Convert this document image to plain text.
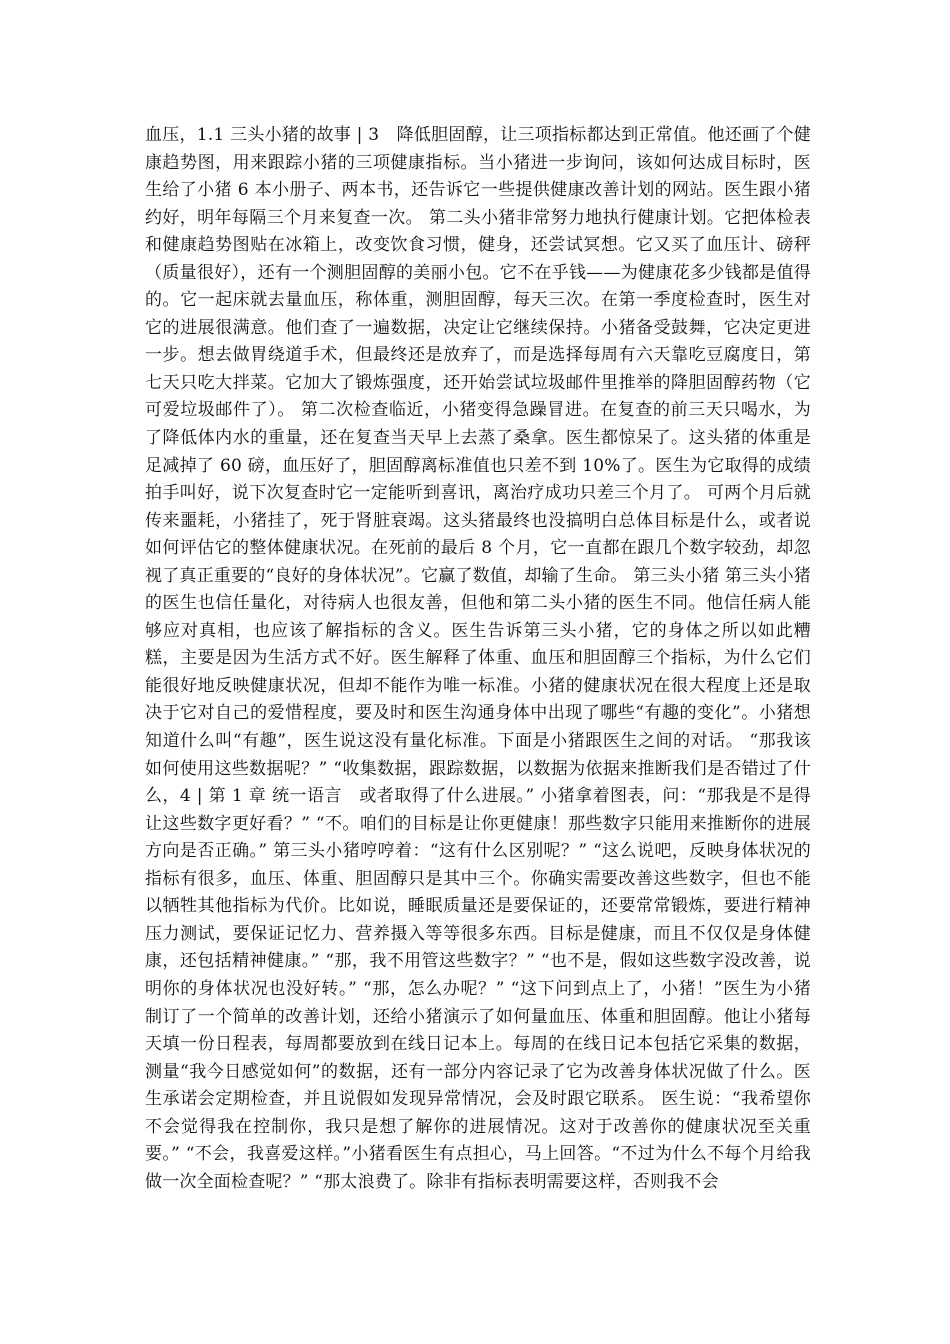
血压，1.1 三头小猪的故事 | 3　降低胆固醇，让三项指标都达到正常值。他还画了个健康趋势图，用来跟踪小猪的三项健康指标。当小猪进一步询问，该如何达成目标时，医生给了小猪 6 本小册子、两本书，还告诉它一些提供健康改善计划的网站。医生跟小猪约好，明年每隔三个月来复查一次。 第二头小猪非常努力地执行健康计划。它把体检表和健康趋势图贴在冰箱上，改变饮食习惯，健身，还尝试冥想。它又买了血压计、磅秤（质量很好），还有一个测胆固醇的美丽小包。它不在乎钱——为健康花多少钱都是值得的。它一起床就去量血压，称体重，测胆固醇，每天三次。在第一季度检查时，医生对它的进展很满意。他们查了一遍数据，决定让它继续保持。小猪备受鼓舞，它决定更进一步。想去做胃绕道手术，但最终还是放弃了，而是选择每周有六天靠吃豆腐度日，第七天只吃大拌菜。它加大了锻炼强度，还开始尝试垃圾邮件里推举的降胆固醇药物（它可爱垃圾邮件了）。 第二次检查临近，小猪变得急躁冒进。在复查的前三天只喝水，为了降低体内水的重量，还在复查当天早上去蒸了桑拿。医生都惊呆了。这头猪的体重是足减掉了 60 磅，血压好了，胆固醇离标准值也只差不到 10%了。医生为它取得的成绩拍手叫好，说下次复查时它一定能听到喜讯，离治疗成功只差三个月了。 可两个月后就传来噩耗，小猪挂了，死于肾脏衰竭。这头猪最终也没搞明白总体目标是什么，或者说如何评估它的整体健康状况。在死前的最后 8 个月，它一直都在跟几个数字较劲，却忽视了真正重要的“良好的身体状况”。它赢了数值，却输了生命。 第三头小猪 第三头小猪的医生也信任量化，对待病人也很友善，但他和第二头小猪的医生不同。他信任病人能够应对真相，也应该了解指标的含义。医生告诉第三头小猪，它的身体之所以如此糟糕，主要是因为生活方式不好。医生解释了体重、血压和胆固醇三个指标，为什么它们能很好地反映健康状况，但却不能作为唯一标准。小猪的健康状况在很大程度上还是取决于它对自己的爱惜程度，要及时和医生沟通身体中出现了哪些“有趣的变化”。小猪想知道什么叫“有趣”，医生说这没有量化标准。下面是小猪跟医生之间的对话。 “那我该如何使用这些数据呢？” “收集数据，跟踪数据，以数据为依据来推断我们是否错过了什么，4 | 第 1 章 统一语言　或者取得了什么进展。” 小猪拿着图表，问：“那我是不是得让这些数字更好看？” “不。咱们的目标是让你更健康！那些数字只能用来推断你的进展方向是否正确。” 第三头小猪哼哼着：“这有什么区别呢？” “这么说吧，反映身体状况的指标有很多，血压、体重、胆固醇只是其中三个。你确实需要改善这些数字，但也不能以牺牲其他指标为代价。比如说，睡眠质量还是要保证的，还要常常锻炼，要进行精神压力测试，要保证记忆力、营养摄入等等很多东西。目标是健康，而且不仅仅是身体健康，还包括精神健康。” “那，我不用管这些数字？” “也不是，假如这些数字没改善，说明你的身体状况也没好转。” “那，怎么办呢？” “这下问到点上了，小猪！”医生为小猪制订了一个简单的改善计划，还给小猪演示了如何量血压、体重和胆固醇。他让小猪每天填一份日程表，每周都要放到在线日记本上。每周的在线日记本包括它采集的数据，测量“我今日感觉如何”的数据，还有一部分内容记录了它为改善身体状况做了什么。医生承诺会定期检查，并且说假如发现异常情况，会及时跟它联系。 医生说：“我希望你不会觉得我在控制你，我只是想了解你的进展情况。这对于改善你的健康状况至关重要。” “不会，我喜爱这样。”小猪看医生有点担心，马上回答。“不过为什么不每个月给我做一次全面检查呢？” “那太浪费了。除非有指标表明需要这样，否则我不会
